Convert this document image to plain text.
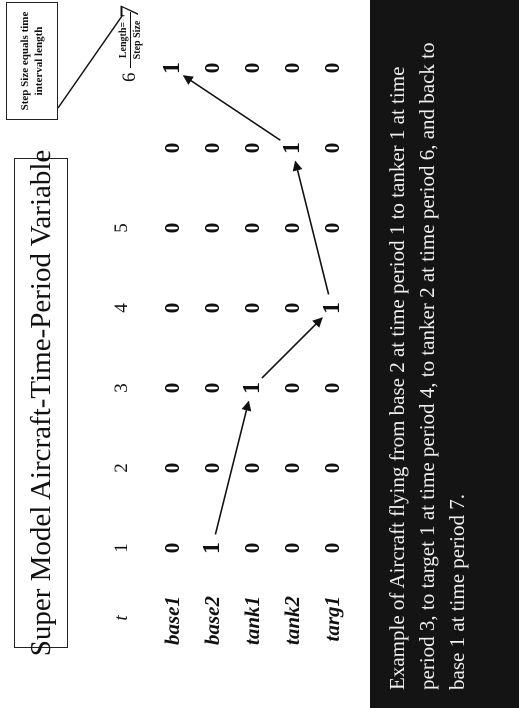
Super Model Aircraft-Time-Period Variable
Step Size equals time interval length
t
1
2
3
4
5
base1
0
0
0
0
0
0
1
base2
1
0
0
0
0
0
0
tank1
0
0
1
0
0
0
0
tank2
0
0
0
0
0
1
0
targ1
0
0
0
1
0
0
0
6
Length= Step Size
7
Example of Aircraft flying from base 2 at time period 1 to tanker 1 at time period 3, to target 1 at time period 4, to tanker 2 at time period 6, and back to base 1 at time period 7.
